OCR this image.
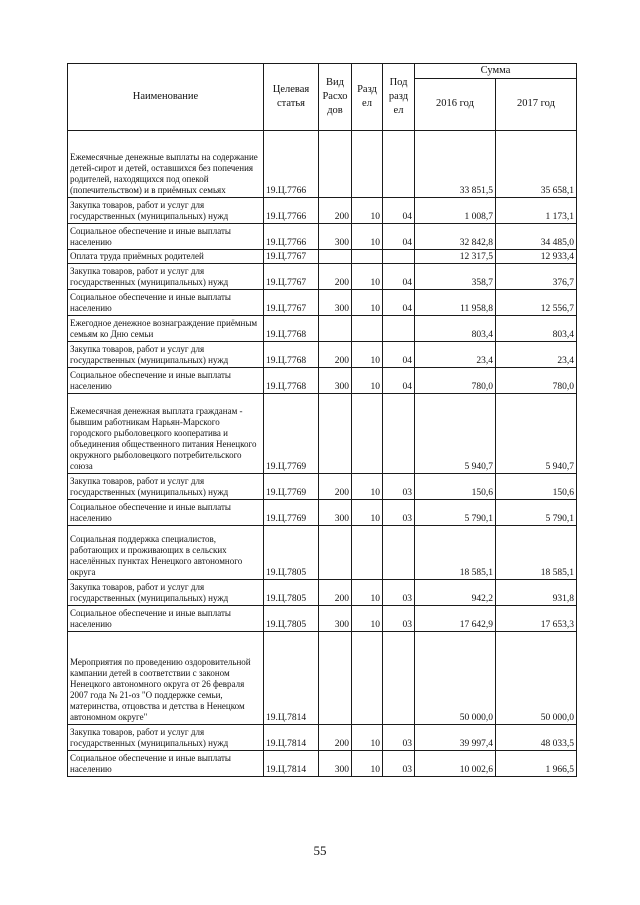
Наименование	Целевая статья	Вид Расхо дов	Разд ел	Под разд ел	Сумма	
					2016 год	2017 год
Ежемесячные денежные выплаты на содержание детей-сирот и детей, оставшихся без попечения родителей, находящихся под опекой (попечительством) и в приёмных семьях	19.Ц.7766				33 851,5	35 658,1
Закупка товаров, работ и услуг для государственных (муниципальных) нужд	19.Ц.7766	200	10	04	1 008,7	1 173,1
Социальное обеспечение и иные выплаты населению	19.Ц.7766	300	10	04	32 842,8	34 485,0
Оплата труда приёмных родителей	19.Ц.7767				12 317,5	12 933,4
Закупка товаров, работ и услуг для государственных (муниципальных) нужд	19.Ц.7767	200	10	04	358,7	376,7
Социальное обеспечение и иные выплаты населению	19.Ц.7767	300	10	04	11 958,8	12 556,7
Ежегодное денежное вознаграждение приёмным семьям ко Дню семьи	19.Ц.7768				803,4	803,4
Закупка товаров, работ и услуг для государственных (муниципальных) нужд	19.Ц.7768	200	10	04	23,4	23,4
Социальное обеспечение и иные выплаты населению	19.Ц.7768	300	10	04	780,0	780,0
Ежемесячная денежная выплата гражданам - бывшим работникам Нарьян-Марского городского рыболовецкого кооператива и объединения общественного питания Ненецкого окружного рыболовецкого потребительского союза	19.Ц.7769				5 940,7	5 940,7
Закупка товаров, работ и услуг для государственных (муниципальных) нужд	19.Ц.7769	200	10	03	150,6	150,6
Социальное обеспечение и иные выплаты населению	19.Ц.7769	300	10	03	5 790,1	5 790,1
Социальная поддержка специалистов, работающих и проживающих в сельских населённых пунктах Ненецкого автономного округа	19.Ц.7805				18 585,1	18 585,1
Закупка товаров, работ и услуг для государственных (муниципальных) нужд	19.Ц.7805	200	10	03	942,2	931,8
Социальное обеспечение и иные выплаты населению	19.Ц.7805	300	10	03	17 642,9	17 653,3
Мероприятия по проведению оздоровительной кампании детей в соответствии с законом Ненецкого автономного округа от 26 февраля 2007 года № 21-оз "О поддержке семьи, материнства, отцовства и детства в Ненецком автономном округе"	19.Ц.7814				50 000,0	50 000,0
Закупка товаров, работ и услуг для государственных (муниципальных) нужд	19.Ц.7814	200	10	03	39 997,4	48 033,5
Социальное обеспечение и иные выплаты населению	19.Ц.7814	300	10	03	10 002,6	1 966,5
55
